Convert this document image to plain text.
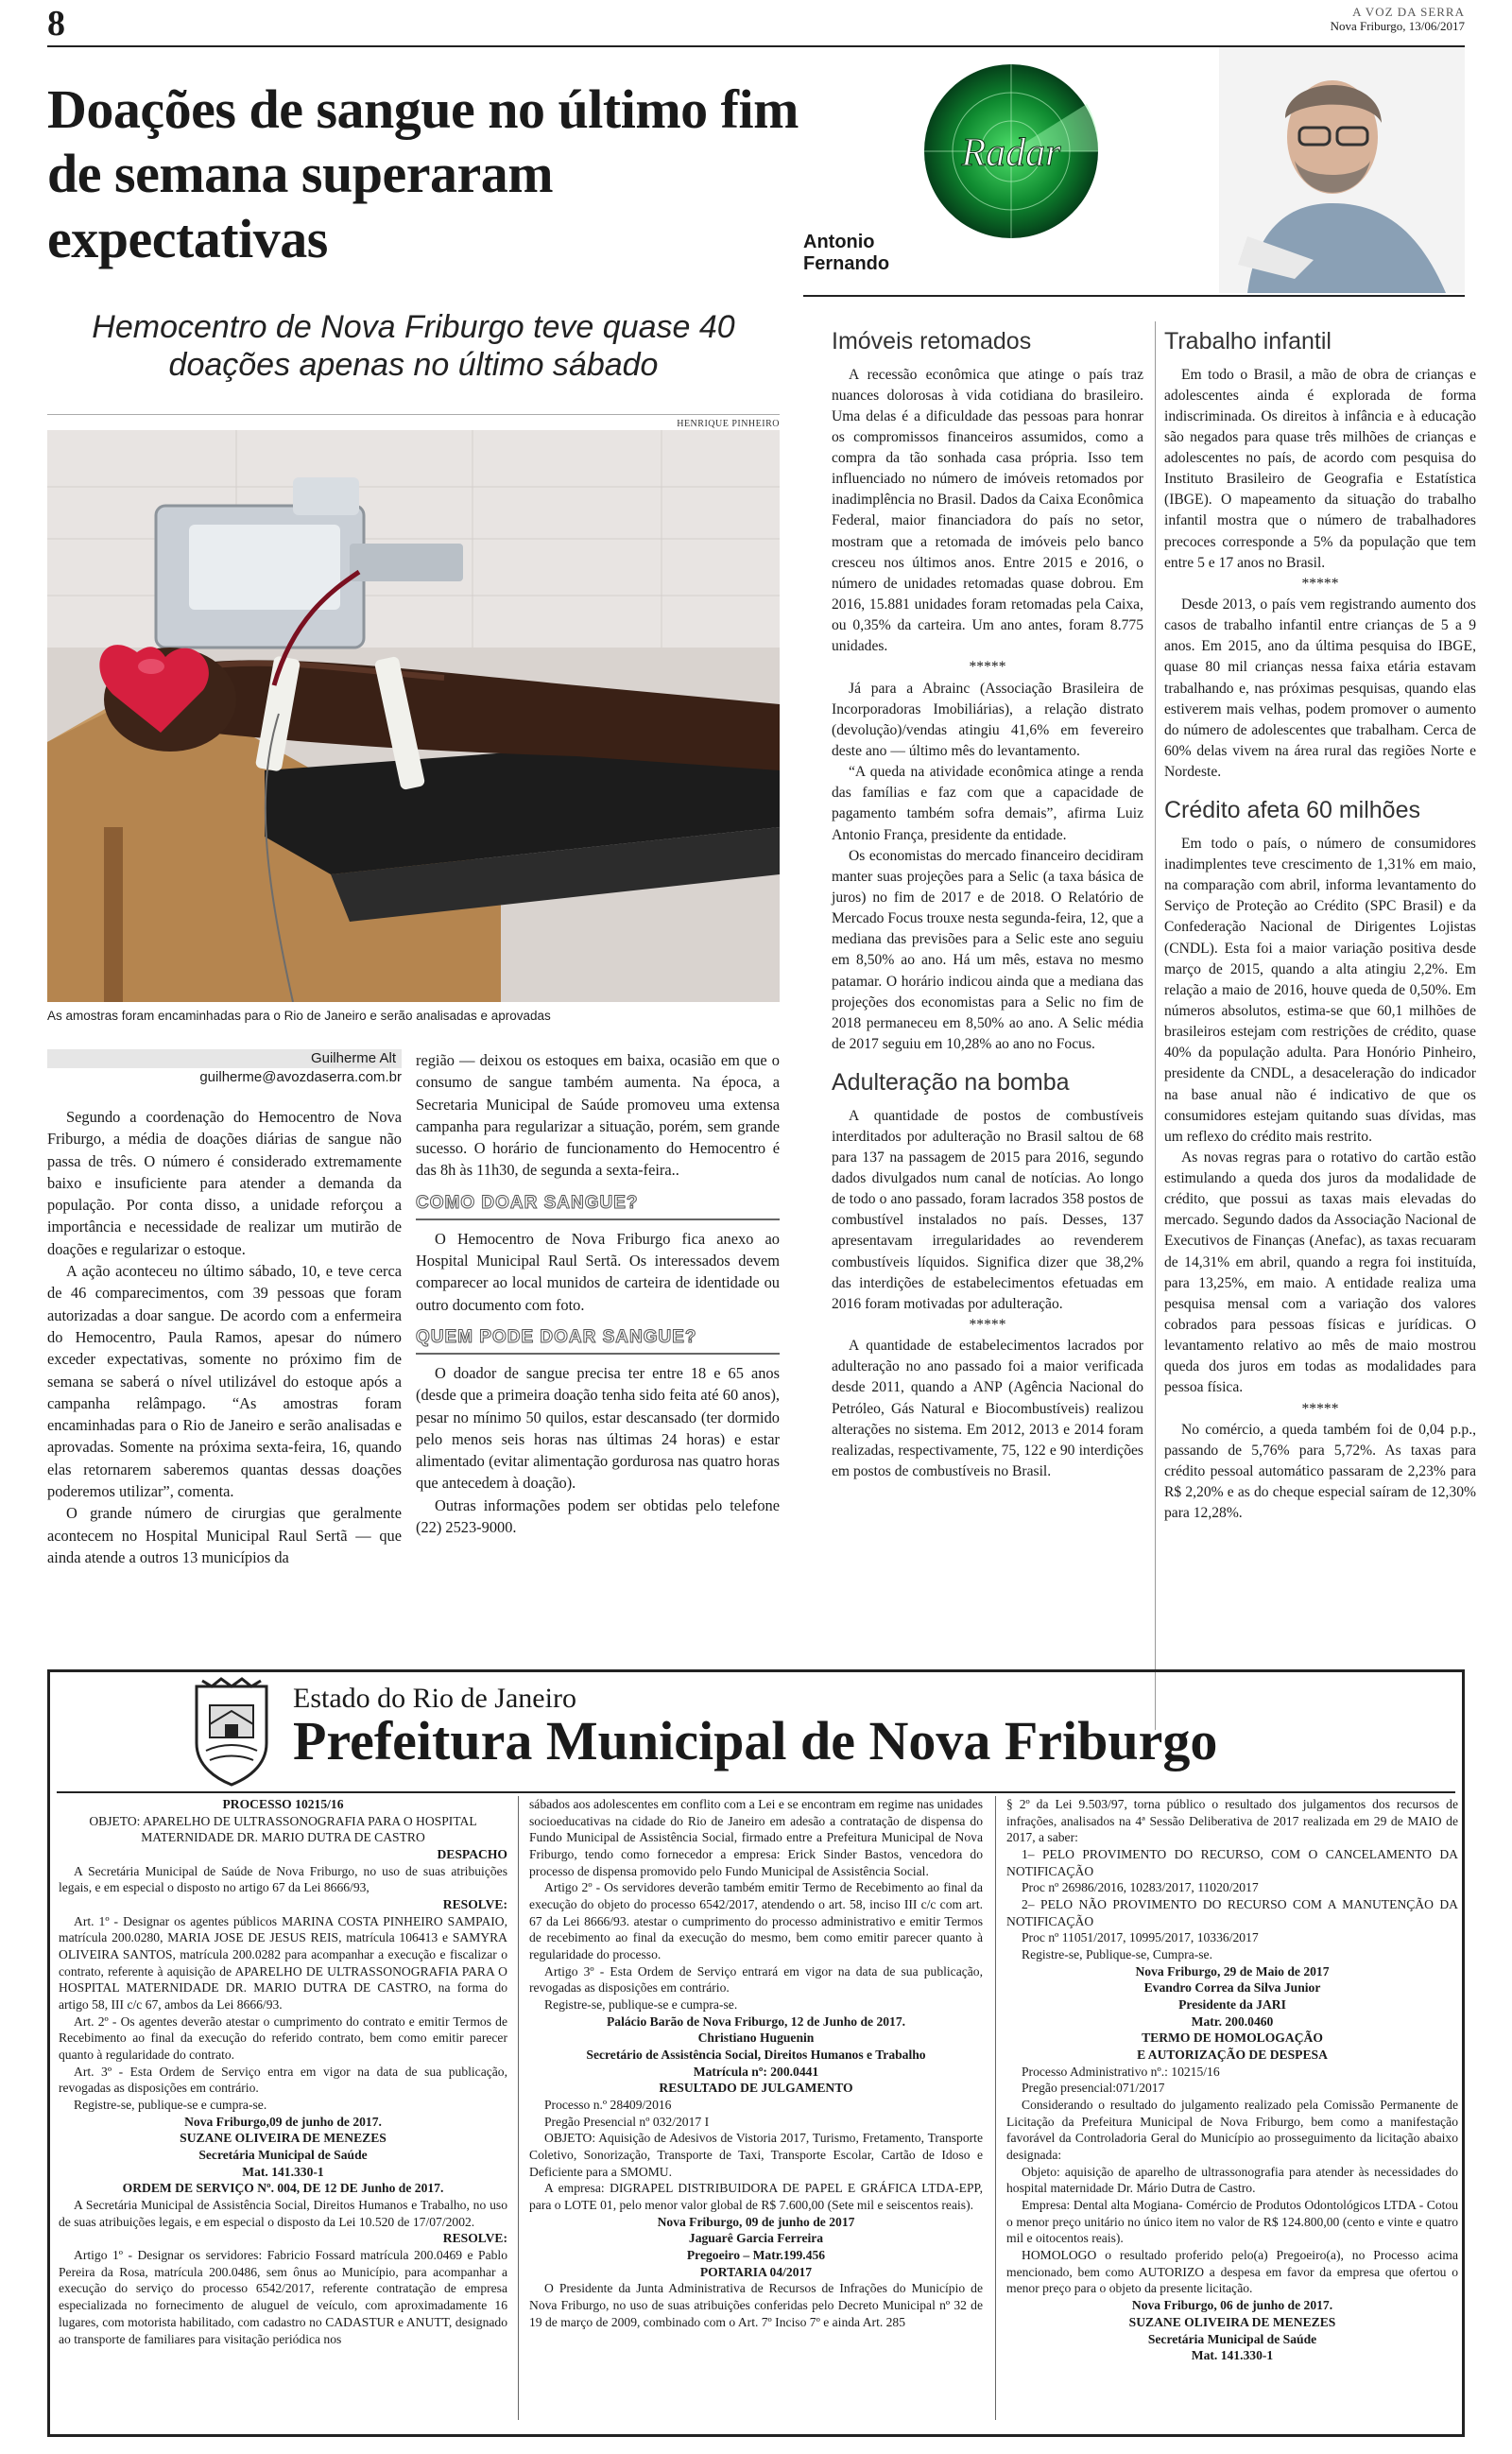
8	A VOZ DA SERRA
Nova Friburgo, 13/06/2017
Doações de sangue no último fim de semana superaram expectativas
Hemocentro de Nova Friburgo teve quase 40 doações apenas no último sábado
HENRIQUE PINHEIRO
As amostras foram encaminhadas para o Rio de Janeiro e serão analisadas e aprovadas
Guilherme Alt
guilherme@avozdaserra.com.br

Segundo a coordenação do Hemocentro de Nova Friburgo, a média de doações diárias de sangue não passa de três. O número é considerado extremamente baixo e insuficiente para atender a demanda da população. Por conta disso, a unidade reforçou a importância e necessidade de realizar um mutirão de doações e regularizar o estoque.

A ação aconteceu no último sábado, 10, e teve cerca de 46 comparecimentos, com 39 pessoas que foram autorizadas a doar sangue. De acordo com a enfermeira do Hemocentro, Paula Ramos, apesar do número exceder expectativas, somente no próximo fim de semana se saberá o nível utilizável do estoque após a campanha relâmpago. “As amostras foram encaminhadas para o Rio de Janeiro e serão analisadas e aprovadas. Somente na próxima sexta-feira, 16, quando elas retornarem saberemos quantas dessas doações poderemos utilizar”, comenta.

O grande número de cirurgias que geralmente acontecem no Hospital Municipal Raul Sertã — que ainda atende a outros 13 municípios da

região — deixou os estoques em baixa, ocasião em que o consumo de sangue também aumenta. Na época, a Secretaria Municipal de Saúde promoveu uma extensa campanha para regularizar a situação, porém, sem grande sucesso. O horário de funcionamento do Hemocentro é das 8h às 11h30, de segunda a sexta-feira..

COMO DOAR SANGUE?

O Hemocentro de Nova Friburgo fica anexo ao Hospital Municipal Raul Sertã. Os interessados devem comparecer ao local munidos de carteira de identidade ou outro documento com foto.

QUEM PODE DOAR SANGUE?

O doador de sangue precisa ter entre 18 e 65 anos (desde que a primeira doação tenha sido feita até 60 anos), pesar no mínimo 50 quilos, estar descansado (ter dormido pelo menos seis horas nas últimas 24 horas) e estar alimentado (evitar alimentação gordurosa nas quatro horas que antecedem à doação).

Outras informações podem ser obtidas pelo telefone (22) 2523-9000.

Radar
Antonio Fernando
Imóveis retomados

A recessão econômica que atinge o país traz nuances dolorosas à vida cotidiana do brasileiro. Uma delas é a dificuldade das pessoas para honrar os compromissos financeiros assumidos, como a compra da tão sonhada casa própria. Isso tem influenciado no número de imóveis retomados por inadimplência no Brasil. Dados da Caixa Econômica Federal, maior financiadora do país no setor, mostram que a retomada de imóveis pelo banco cresceu nos últimos anos. Entre 2015 e 2016, o número de unidades retomadas quase dobrou. Em 2016, 15.881 unidades foram retomadas pela Caixa, ou 0,35% da carteira. Um ano antes, foram 8.775 unidades.

*****

Já para a Abrainc (Associação Brasileira de Incorporadoras Imobiliárias), a relação distrato (devolução)/vendas atingiu 41,6% em fevereiro deste ano — último mês do levantamento.

“A queda na atividade econômica atinge a renda das famílias e faz com que a capacidade de pagamento também sofra demais”, afirma Luiz Antonio França, presidente da entidade.

Os economistas do mercado financeiro decidiram manter suas projeções para a Selic (a taxa básica de juros) no fim de 2017 e de 2018. O Relatório de Mercado Focus trouxe nesta segunda-feira, 12, que a mediana das previsões para a Selic este ano seguiu em 8,50% ao ano. Há um mês, estava no mesmo patamar. O horário indicou ainda que a mediana das projeções dos economistas para a Selic no fim de 2018 permaneceu em 8,50% ao ano. A Selic média de 2017 seguiu em 10,28% ao ano no Focus.

Adulteração na bomba

A quantidade de postos de combustíveis interditados por adulteração no Brasil saltou de 68 para 137 na passagem de 2015 para 2016, segundo dados divulgados num canal de notícias. Ao longo de todo o ano passado, foram lacrados 358 postos de combustível instalados no país. Desses, 137 apresentavam irregularidades ao revenderem combustíveis líquidos. Significa dizer que 38,2% das interdições de estabelecimentos efetuadas em 2016 foram motivadas por adulteração.

*****

A quantidade de estabelecimentos lacrados por adulteração no ano passado foi a maior verificada desde 2011, quando a ANP (Agência Nacional do Petróleo, Gás Natural e Biocombustíveis) realizou alterações no sistema. Em 2012, 2013 e 2014 foram realizadas, respectivamente, 75, 122 e 90 interdições em postos de combustíveis no Brasil.

Trabalho infantil

Em todo o Brasil, a mão de obra de crianças e adolescentes ainda é explorada de forma indiscriminada. Os direitos à infância e à educação são negados para quase três milhões de crianças e adolescentes no país, de acordo com pesquisa do Instituto Brasileiro de Geografia e Estatística (IBGE). O mapeamento da situação do trabalho infantil mostra que o número de trabalhadores precoces corresponde a 5% da população que tem entre 5 e 17 anos no Brasil.

*****

Desde 2013, o país vem registrando aumento dos casos de trabalho infantil entre crianças de 5 a 9 anos. Em 2015, ano da última pesquisa do IBGE, quase 80 mil crianças nessa faixa etária estavam trabalhando e, nas próximas pesquisas, quando elas estiverem mais velhas, podem promover o aumento do número de adolescentes que trabalham. Cerca de 60% delas vivem na área rural das regiões Norte e Nordeste.

Crédito afeta 60 milhões

Em todo o país, o número de consumidores inadimplentes teve crescimento de 1,31% em maio, na comparação com abril, informa levantamento do Serviço de Proteção ao Crédito (SPC Brasil) e da Confederação Nacional de Dirigentes Lojistas (CNDL). Esta foi a maior variação positiva desde março de 2015, quando a alta atingiu 2,2%. Em relação a maio de 2016, houve queda de 0,50%. Em números absolutos, estima-se que 60,1 milhões de brasileiros estejam com restrições de crédito, quase 40% da população adulta. Para Honório Pinheiro, presidente da CNDL, a desaceleração do indicador na base anual não é indicativo de que os consumidores estejam quitando suas dívidas, mas um reflexo do crédito mais restrito.

As novas regras para o rotativo do cartão estão estimulando a queda dos juros da modalidade de crédito, que possui as taxas mais elevadas do mercado. Segundo dados da Associação Nacional de Executivos de Finanças (Anefac), as taxas recuaram de 14,31% em abril, quando a regra foi instituída, para 13,25%, em maio. A entidade realiza uma pesquisa mensal com a variação dos valores cobrados para pessoas físicas e jurídicas. O levantamento relativo ao mês de maio mostrou queda dos juros em todas as modalidades para pessoa física.

*****

No comércio, a queda também foi de 0,04 p.p., passando de 5,76% para 5,72%. As taxas para crédito pessoal automático passaram de 2,23% para R$ 2,20% e as do cheque especial saíram de 12,30% para 12,28%.

Estado do Rio de Janeiro
Prefeitura Municipal de Nova Friburgo

PROCESSO 10215/16

OBJETO: APARELHO DE ULTRASSONOGRAFIA PARA O HOSPITAL MATERNIDADE DR. MARIO DUTRA DE CASTRO

DESPACHO

A Secretária Municipal de Saúde de Nova Friburgo, no uso de suas atribuições legais, e em especial o disposto no artigo 67 da Lei 8666/93,

RESOLVE:

Art. 1º - Designar os agentes públicos MARINA COSTA PINHEIRO SAMPAIO, matrícula 200.0280, MARIA JOSE DE JESUS REIS, matrícula 106413 e SAMYRA OLIVEIRA SANTOS, matrícula 200.0282 para acompanhar a execução e fiscalizar o contrato, referente à aquisição de APARELHO DE ULTRASSONOGRAFIA PARA O HOSPITAL MATERNIDADE DR. MARIO DUTRA DE CASTRO, na forma do artigo 58, III c/c 67, ambos da Lei 8666/93.

Art. 2º - Os agentes deverão atestar o cumprimento do contrato e emitir Termos de Recebimento ao final da execução do referido contrato, bem como emitir parecer quanto à regularidade do contrato.

Art. 3º - Esta Ordem de Serviço entra em vigor na data de sua publicação, revogadas as disposições em contrário.

Registre-se, publique-se e cumpra-se.

Nova Friburgo,09 de junho de 2017.

SUZANE OLIVEIRA DE MENEZES

Secretária Municipal de Saúde

Mat. 141.330-1

ORDEM DE SERVIÇO Nº. 004, DE 12 DE Junho de 2017.

A Secretária Municipal de Assistência Social, Direitos Humanos e Trabalho, no uso de suas atribuições legais, e em especial o disposto da Lei 10.520 de 17/07/2002.

RESOLVE:

Artigo 1º - Designar os servidores: Fabricio Fossard matrícula 200.0469 e Pablo Pereira da Rosa, matrícula 200.0486, sem ônus ao Município, para acompanhar a execução do serviço do processo 6542/2017, referente contratação de empresa especializada no fornecimento de aluguel de veículo, com aproximadamente 16 lugares, com motorista habilitado, com cadastro no CADASTUR e ANUTT, designado ao transporte de familiares para visitação periódica nos

sábados aos adolescentes em conflito com a Lei e se encontram em regime nas unidades socioeducativas na cidade do Rio de Janeiro em adesão a contratação de dispensa do Fundo Municipal de Assistência Social, firmado entre a Prefeitura Municipal de Nova Friburgo, tendo como fornecedor a empresa: Erick Sinder Bastos, vencedora do processo de dispensa promovido pelo Fundo Municipal de Assistência Social.

Artigo 2º - Os servidores deverão também emitir Termo de Recebimento ao final da execução do objeto do processo 6542/2017, atendendo o art. 58, inciso III c/c com art. 67 da Lei 8666/93. atestar o cumprimento do processo administrativo e emitir Termos de recebimento ao final da execução do mesmo, bem como emitir parecer quanto à regularidade do processo.

Artigo 3º - Esta Ordem de Serviço entrará em vigor na data de sua publicação, revogadas as disposições em contrário.

Registre-se, publique-se e cumpra-se.

Palácio Barão de Nova Friburgo, 12 de Junho de 2017.

Christiano Huguenin

Secretário de Assistência Social, Direitos Humanos e Trabalho

Matrícula nº: 200.0441

RESULTADO DE JULGAMENTO

Processo n.º 28409/2016

Pregão Presencial nº 032/2017 I

OBJETO: Aquisição de Adesivos de Vistoria 2017, Turismo, Fretamento, Transporte Coletivo, Sonorização, Transporte de Taxi, Transporte Escolar, Cartão de Idoso e Deficiente para a SMOMU.

A empresa: DIGRAPEL DISTRIBUIDORA DE PAPEL E GRÁFICA LTDA-EPP, para o LOTE 01, pelo menor valor global de R$ 7.600,00 (Sete mil e seiscentos reais).

Nova Friburgo, 09 de junho de 2017

Jaguarê Garcia Ferreira

Pregoeiro – Matr.199.456

PORTARIA 04/2017

O Presidente da Junta Administrativa de Recursos de Infrações do Município de Nova Friburgo, no uso de suas atribuições conferidas pelo Decreto Municipal nº 32 de 19 de março de 2009, combinado com o Art. 7º Inciso 7º e ainda Art. 285

§ 2º da Lei 9.503/97, torna público o resultado dos julgamentos dos recursos de infrações, analisados na 4ª Sessão Deliberativa de 2017 realizada em 29 de MAIO de 2017, a saber:

1– PELO PROVIMENTO DO RECURSO, COM O CANCELAMENTO DA NOTIFICAÇÃO

Proc nº 26986/2016, 10283/2017, 11020/2017

2– PELO NÃO PROVIMENTO DO RECURSO COM A MANUTENÇÃO DA NOTIFICAÇÃO

Proc nº 11051/2017, 10995/2017, 10336/2017

Registre-se, Publique-se, Cumpra-se.

Nova Friburgo, 29 de Maio de 2017

Evandro Correa da Silva Junior

Presidente da JARI

Matr. 200.0460

TERMO DE HOMOLOGAÇÃO

E AUTORIZAÇÃO DE DESPESA

Processo Administrativo nº.: 10215/16

Pregão presencial:071/2017

Considerando o resultado do julgamento realizado pela Comissão Permanente de Licitação da Prefeitura Municipal de Nova Friburgo, bem como a manifestação favorável da Controladoria Geral do Município ao prosseguimento da licitação abaixo designada:

Objeto: aquisição de aparelho de ultrassonografia para atender às necessidades do hospital maternidade Dr. Mário Dutra de Castro.

Empresa: Dental alta Mogiana- Comércio de Produtos Odontológicos LTDA - Cotou o menor preço unitário no único item no valor de R$ 124.800,00 (cento e vinte e quatro mil e oitocentos reais).

HOMOLOGO o resultado proferido pelo(a) Pregoeiro(a), no Processo acima mencionado, bem como AUTORIZO a despesa em favor da empresa que ofertou o menor preço para o objeto da presente licitação.

Nova Friburgo, 06 de junho de 2017.

SUZANE OLIVEIRA DE MENEZES

Secretária Municipal de Saúde

Mat. 141.330-1
